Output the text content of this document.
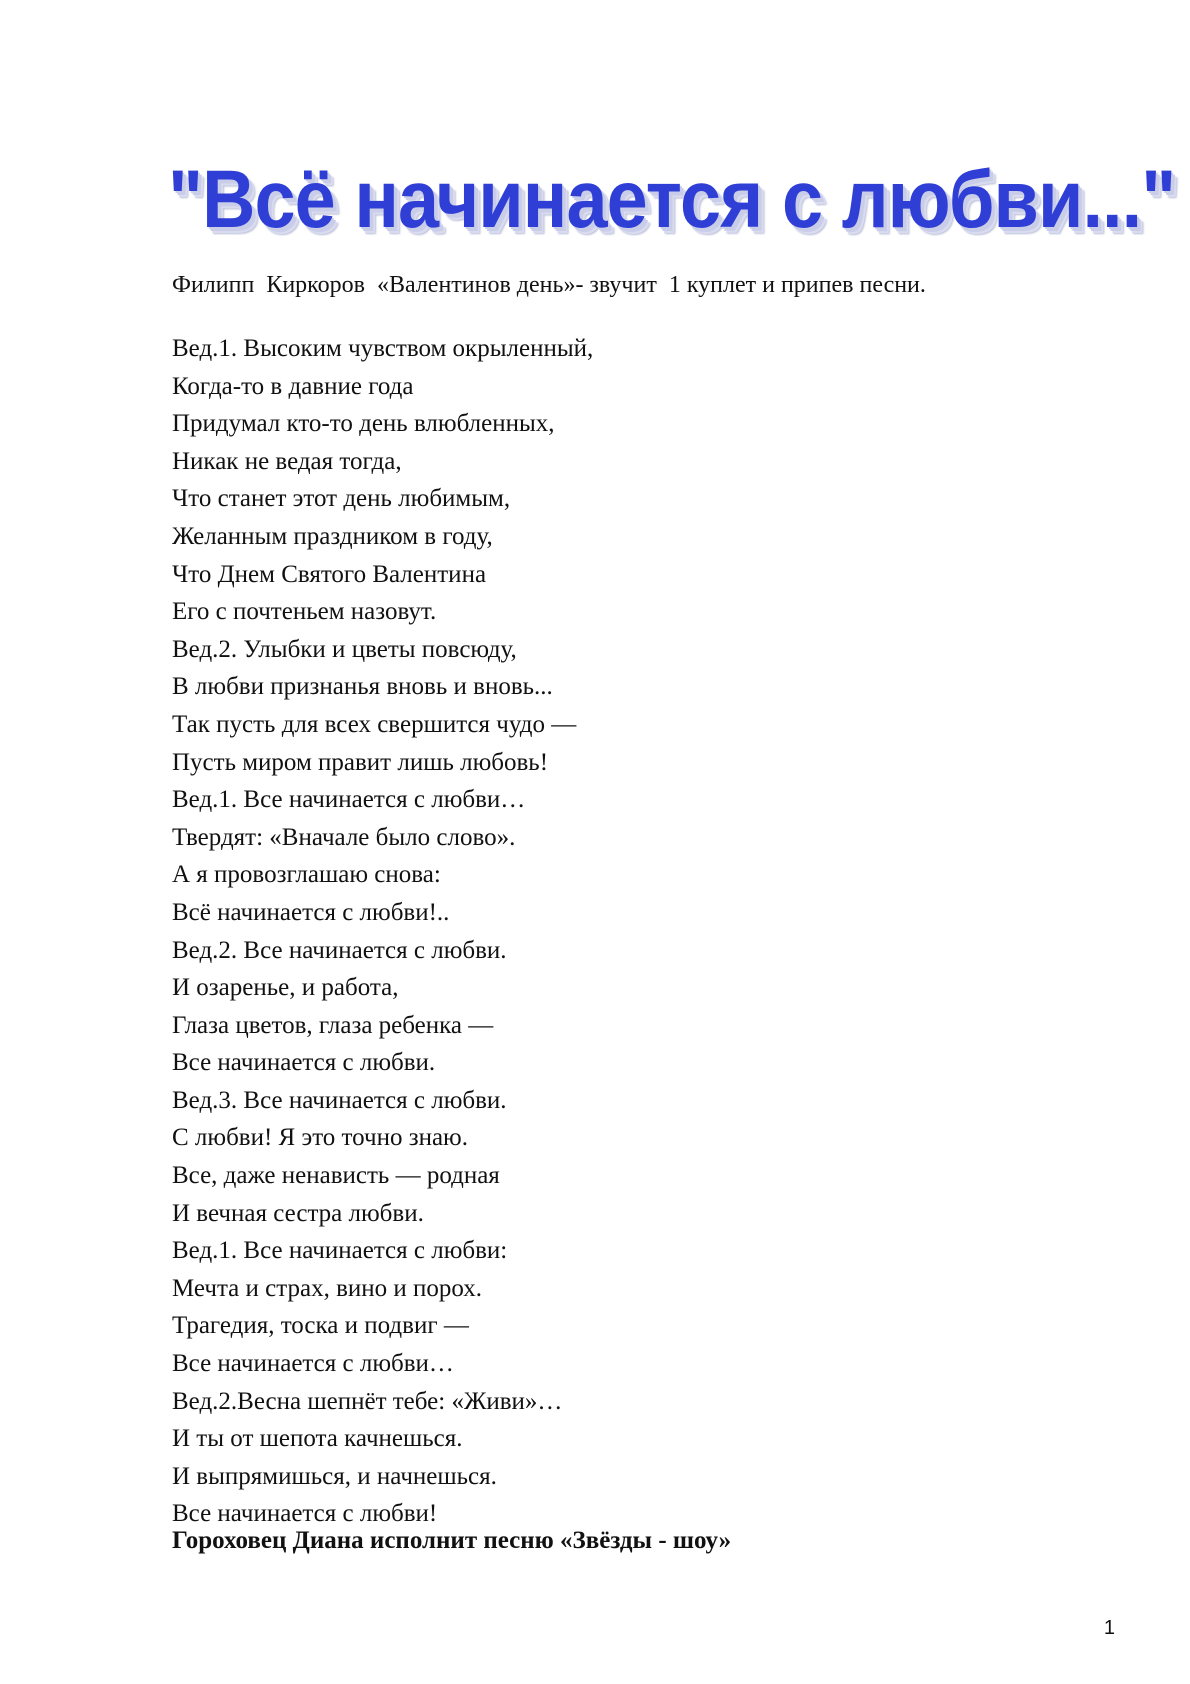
"Всё начинается с любви..."
Филипп  Киркоров  «Валентинов день»- звучит  1 куплет и припев песни.
Вед.1. Высоким чувством окрыленный,
Когда-то в давние года
Придумал кто-то день влюбленных,
Никак не ведая тогда,
Что станет этот день любимым,
Желанным праздником в году,
Что Днем Святого Валентина
Его с почтеньем назовут.
Вед.2. Улыбки и цветы повсюду,
В любви признанья вновь и вновь...
Так пусть для всех свершится чудо —
Пусть миром правит лишь любовь!
Вед.1. Все начинается с любви…
Твердят: «Вначале было слово».
А я провозглашаю снова:
Всё начинается с любви!..
Вед.2. Все начинается с любви.
И озаренье, и работа,
Глаза цветов, глаза ребенка —
Все начинается с любви.
Вед.3. Все начинается с любви.
С любви! Я это точно знаю.
Все, даже ненависть — родная
И вечная сестра любви.
Вед.1. Все начинается с любви:
Мечта и страх, вино и порох.
Трагедия, тоска и подвиг —
Все начинается с любви…
Вед.2.Весна шепнёт тебе: «Живи»…
И ты от шепота качнешься.
И выпрямишься, и начнешься.
Все начинается с любви!
Гороховец Диана исполнит песню «Звёзды - шоу»
1
